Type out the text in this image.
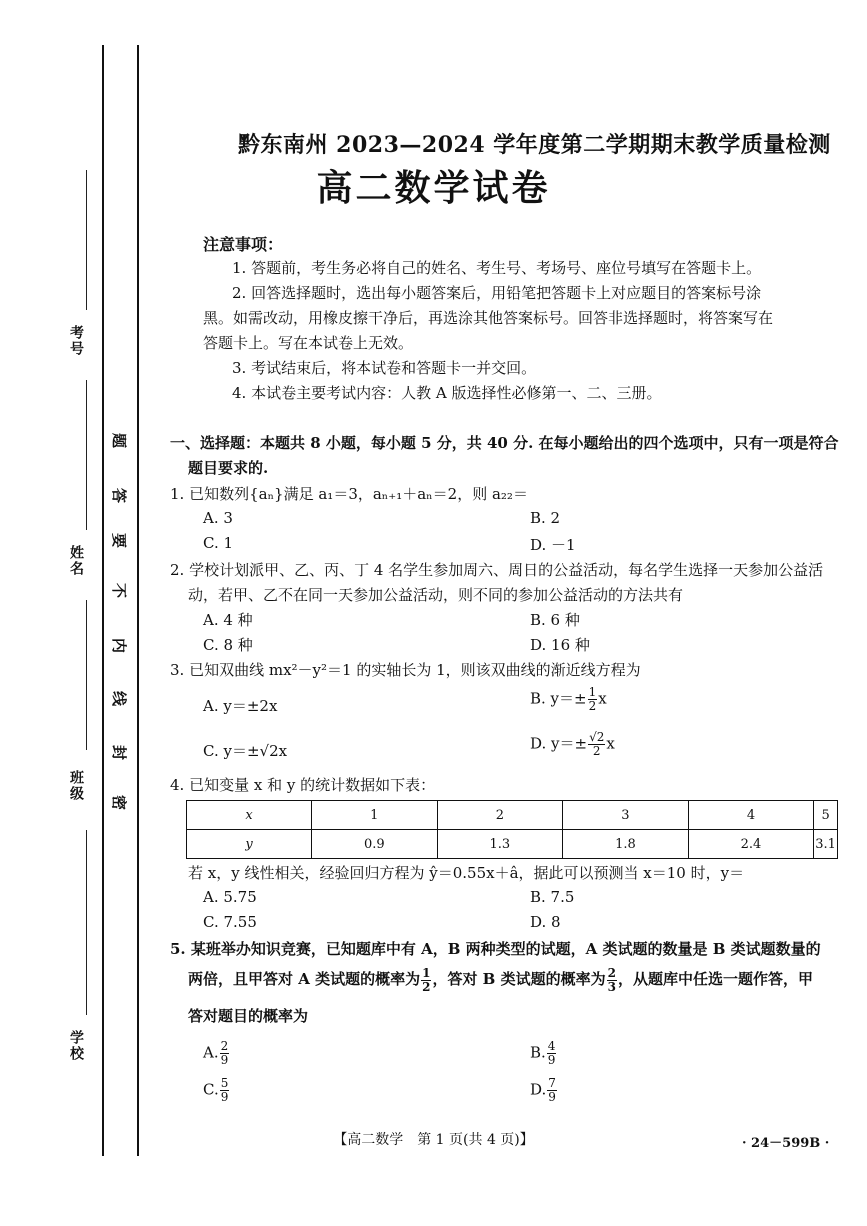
考号
姓名
班级
学校
题
答
要
不
内
线
封
密
黔东南州 2023—2024 学年度第二学期期末教学质量检测
高二数学试卷
注意事项：
1. 答题前，考生务必将自己的姓名、考生号、考场号、座位号填写在答题卡上。
2. 回答选择题时，选出每小题答案后，用铅笔把答题卡上对应题目的答案标号涂
黑。如需改动，用橡皮擦干净后，再选涂其他答案标号。回答非选择题时，将答案写在
答题卡上。写在本试卷上无效。
3. 考试结束后，将本试卷和答题卡一并交回。
4. 本试卷主要考试内容：人教 A 版选择性必修第一、二、三册。
一、选择题：本题共 8 小题，每小题 5 分，共 40 分. 在每小题给出的四个选项中，只有一项是符合
题目要求的.
1. 已知数列{aₙ}满足 a₁＝3，aₙ₊₁＋aₙ＝2，则 a₂₂＝
A. 3	B. 2
C. 1	D. －1
2. 学校计划派甲、乙、丙、丁 4 名学生参加周六、周日的公益活动，每名学生选择一天参加公益活
动，若甲、乙不在同一天参加公益活动，则不同的参加公益活动的方法共有
A. 4 种	B. 6 种
C. 8 种	D. 16 种
3. 已知双曲线 mx²－y²＝1 的实轴长为 1，则该双曲线的渐近线方程为
A. y＝±2x	B. $y=\pm \frac{1}{2}$ x
C. y＝±√2x	D. $y=\pm \frac{√2}{2}$ x
4. 已知变量 x 和 y 的统计数据如下表：
x	1	2	3	4	5
y	0.9	1.3	1.8	2.4	3.1
若 x，y 线性相关，经验回归方程为 ŷ＝0.55x＋â，据此可以预测当 x＝10 时，y＝
A. 5.75	B. 7.5
C. 7.55	D. 8
5. 某班举办知识竞赛，已知题库中有 A，B 两种类型的试题，A 类试题的数量是 B 类试题数量的
两倍，且甲答对 A 类试题的概率为 $\frac{1}{2}$ ，答对 B 类试题的概率为 $\frac{2}{3}$ ，从题库中任选一题作答，甲
答对题目的概率为
A. $\frac{2}{9}$	B. $\frac{4}{9}$
C. $\frac{5}{9}$	D. $\frac{7}{9}$
【高二数学　第 1 页(共 4 页)】	· 24－599B ·
